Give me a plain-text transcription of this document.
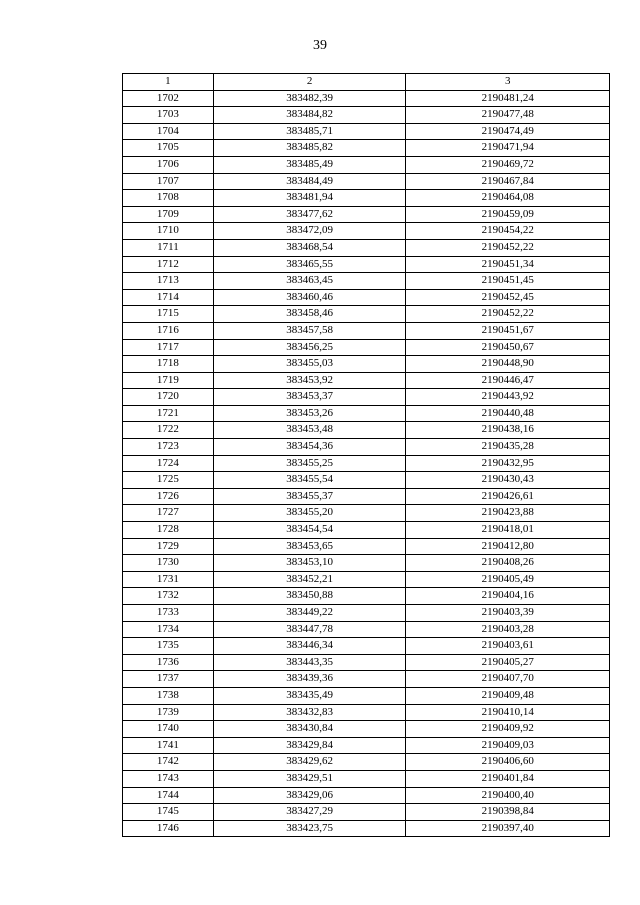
39
1	2	3
1702	383482,39	2190481,24
1703	383484,82	2190477,48
1704	383485,71	2190474,49
1705	383485,82	2190471,94
1706	383485,49	2190469,72
1707	383484,49	2190467,84
1708	383481,94	2190464,08
1709	383477,62	2190459,09
1710	383472,09	2190454,22
1711	383468,54	2190452,22
1712	383465,55	2190451,34
1713	383463,45	2190451,45
1714	383460,46	2190452,45
1715	383458,46	2190452,22
1716	383457,58	2190451,67
1717	383456,25	2190450,67
1718	383455,03	2190448,90
1719	383453,92	2190446,47
1720	383453,37	2190443,92
1721	383453,26	2190440,48
1722	383453,48	2190438,16
1723	383454,36	2190435,28
1724	383455,25	2190432,95
1725	383455,54	2190430,43
1726	383455,37	2190426,61
1727	383455,20	2190423,88
1728	383454,54	2190418,01
1729	383453,65	2190412,80
1730	383453,10	2190408,26
1731	383452,21	2190405,49
1732	383450,88	2190404,16
1733	383449,22	2190403,39
1734	383447,78	2190403,28
1735	383446,34	2190403,61
1736	383443,35	2190405,27
1737	383439,36	2190407,70
1738	383435,49	2190409,48
1739	383432,83	2190410,14
1740	383430,84	2190409,92
1741	383429,84	2190409,03
1742	383429,62	2190406,60
1743	383429,51	2190401,84
1744	383429,06	2190400,40
1745	383427,29	2190398,84
1746	383423,75	2190397,40
